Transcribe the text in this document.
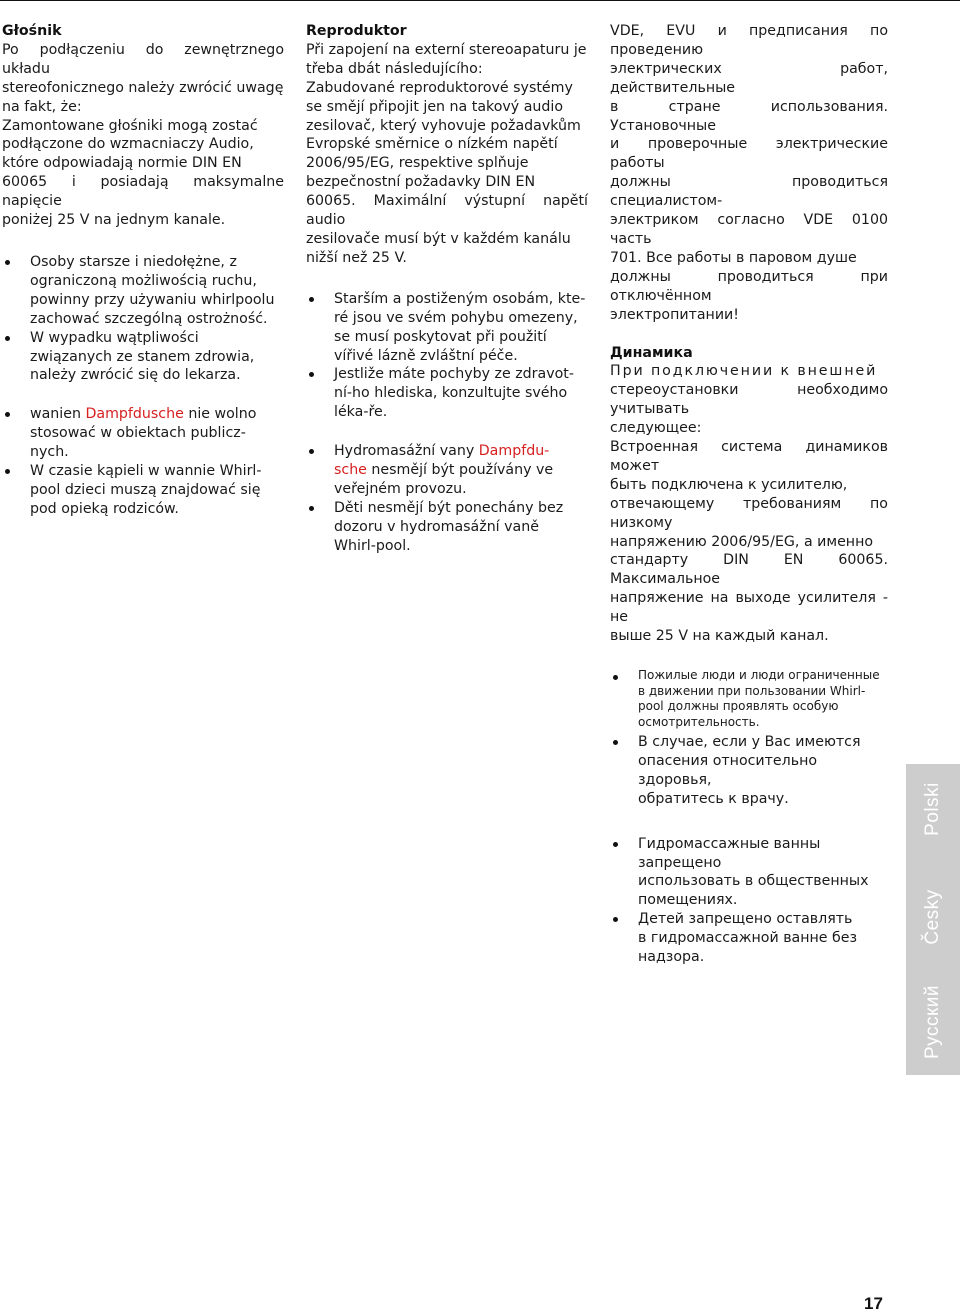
Głośnik
Po podłączeniu do zewnętrznego układu
stereofonicznego należy zwrócić uwagę
na fakt, że:
Zamontowane głośniki mogą zostać
podłączone do wzmacniaczy Audio,
które odpowiadają normie DIN EN
60065 i posiadają maksymalne napięcie
poniżej 25 V na jednym kanale.
Osoby starsze i niedołężne, z
ograniczoną możliwością ruchu,
powinny przy używaniu whirlpoolu
zachować szczególną ostrożność.
W wypadku wątpliwości
związanych ze stanem zdrowia,
należy zwrócić się do lekarza.
wanien Dampfdusche nie wolno
stosować w obiektach publicz-
nych.
W czasie kąpieli w wannie Whirl-
pool dzieci muszą znajdować się
pod opieką rodziców.
Reproduktor
Při zapojení na externí stereoapaturu je
třeba dbát následujícího:
Zabudované reproduktorové systémy
se smějí připojit jen na takový audio
zesilovač, který vyhovuje požadavkům
Evropské směrnice o nízkém napětí
2006/95/EG, respektive splňuje
bezpečnostní požadavky DIN EN
60065. Maximální výstupní napětí audio
zesilovače musí být v každém kanálu
nižší než 25 V.
Starším a postiženým osobám, kte-
ré jsou ve svém pohybu omezeny,
se musí poskytovat při použití
vířivé lázně zvláštní péče.
Jestliže máte pochyby ze zdravot-
ní-ho hlediska, konzultujte svého
léka-ře.
Hydromasážní vany Dampfdu-
sche nesmějí být používány ve
veřejném provozu.
Děti nesmějí být ponechány bez
dozoru v hydromasážní vaně
Whirl-pool.
VDE, EVU и предписания по проведению
электрических работ, действительные
в стране использования. Установочные
и проверочные электрические работы
должны проводиться специалистом-
электриком согласно VDE 0100 часть
701. Все работы в паровом душе
должны проводиться при отключённом
электропитании!
Динамика
При подключении к внешней
стереоустановки необходимо учитывать
следующее:
Встроенная система динамиков может
быть подключена к усилителю,
отвечающему требованиям по низкому
напряжению 2006/95/EG, а именно
стандарту DIN EN 60065. Максимальное
напряжение на выходе усилителя - не
выше 25 V на каждый канал.
Пожилые люди и люди ограниченные
в движении при пользовании Whirl-
pool должны проявлять особую
осмотрительность.
В случае, если у Вас имеются
опасения относительно здоровья,
обратитесь к врачу.
Гидромассажные ванны запрещено
использовать в общественных
помещениях.
Детей запрещено оставлять
в гидромассажной ванне без
надзора.
Polski
Česky
Русский
17
